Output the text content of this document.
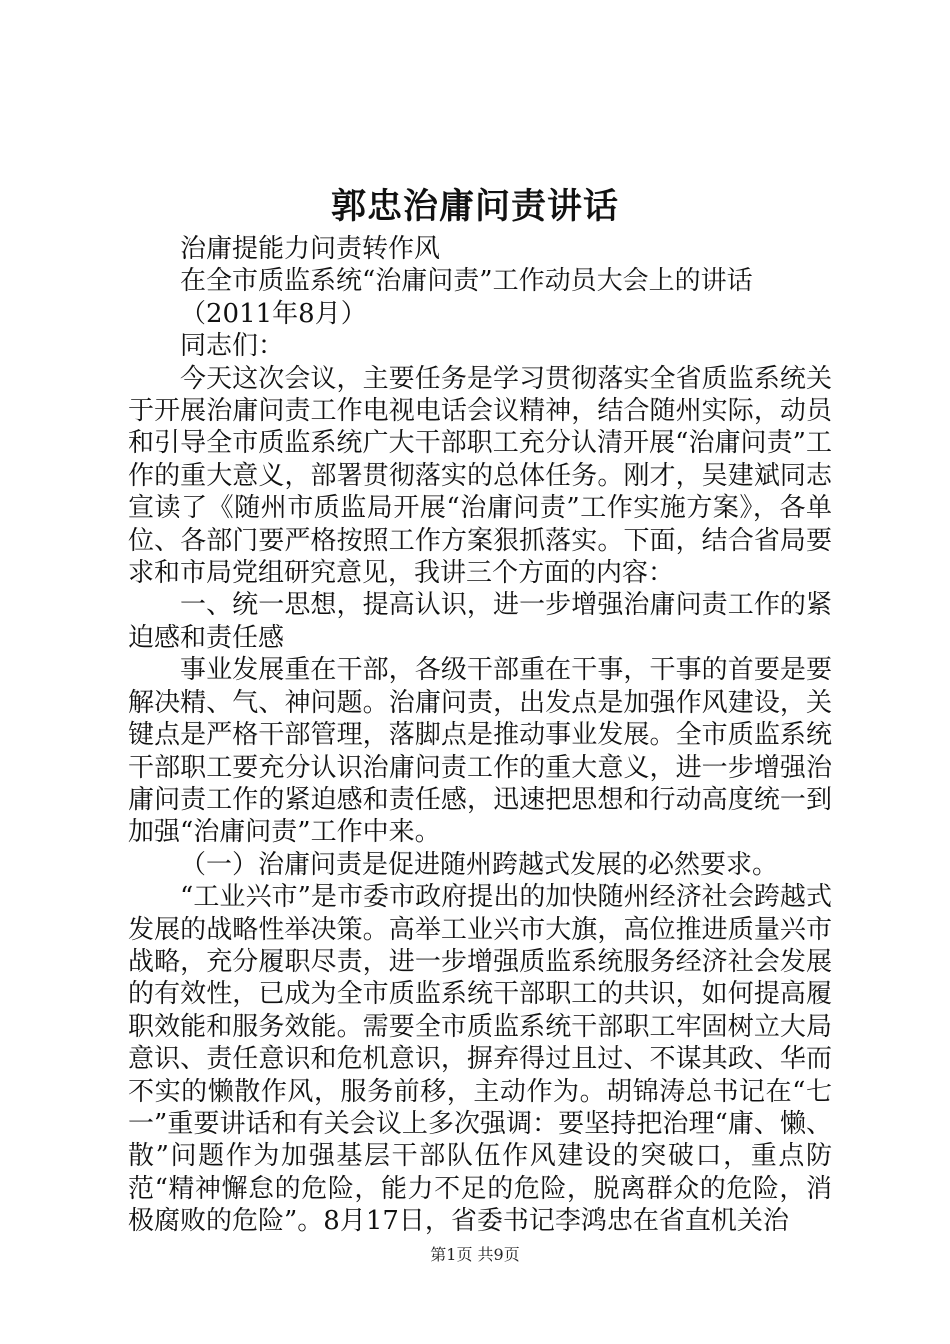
郭忠治庸问责讲话

治庸提能力问责转作风

在全市质监系统“治庸问责”工作动员大会上的讲话

（2011年8月）

同志们：

今天这次会议，主要任务是学习贯彻落实全省质监系统关于开展治庸问责工作电视电话会议精神，结合随州实际，动员和引导全市质监系统广大干部职工充分认清开展“治庸问责”工作的重大意义，部署贯彻落实的总体任务。刚才，吴建斌同志宣读了《随州市质监局开展“治庸问责”工作实施方案》，各单位、各部门要严格按照工作方案狠抓落实。下面，结合省局要求和市局党组研究意见，我讲三个方面的内容：

一、统一思想，提高认识，进一步增强治庸问责工作的紧迫感和责任感

事业发展重在干部，各级干部重在干事，干事的首要是要解决精、气、神问题。治庸问责，出发点是加强作风建设，关键点是严格干部管理，落脚点是推动事业发展。全市质监系统干部职工要充分认识治庸问责工作的重大意义，进一步增强治庸问责工作的紧迫感和责任感，迅速把思想和行动高度统一到加强“治庸问责”工作中来。

（一）治庸问责是促进随州跨越式发展的必然要求。

“工业兴市”是市委市政府提出的加快随州经济社会跨越式发展的战略性举决策。高举工业兴市大旗，高位推进质量兴市战略，充分履职尽责，进一步增强质监系统服务经济社会发展的有效性，已成为全市质监系统干部职工的共识，如何提高履职效能和服务效能。需要全市质监系统干部职工牢固树立大局意识、责任意识和危机意识，摒弃得过且过、不谋其政、华而不实的懒散作风，服务前移，主动作为。胡锦涛总书记在“七一”重要讲话和有关会议上多次强调：要坚持把治理“庸、懒、散”问题作为加强基层干部队伍作风建设的突破口，重点防范“精神懈怠的危险，能力不足的危险，脱离群众的危险，消极腐败的危险”。8月17日，省委书记李鸿忠在省直机关治

第1页 共9页
